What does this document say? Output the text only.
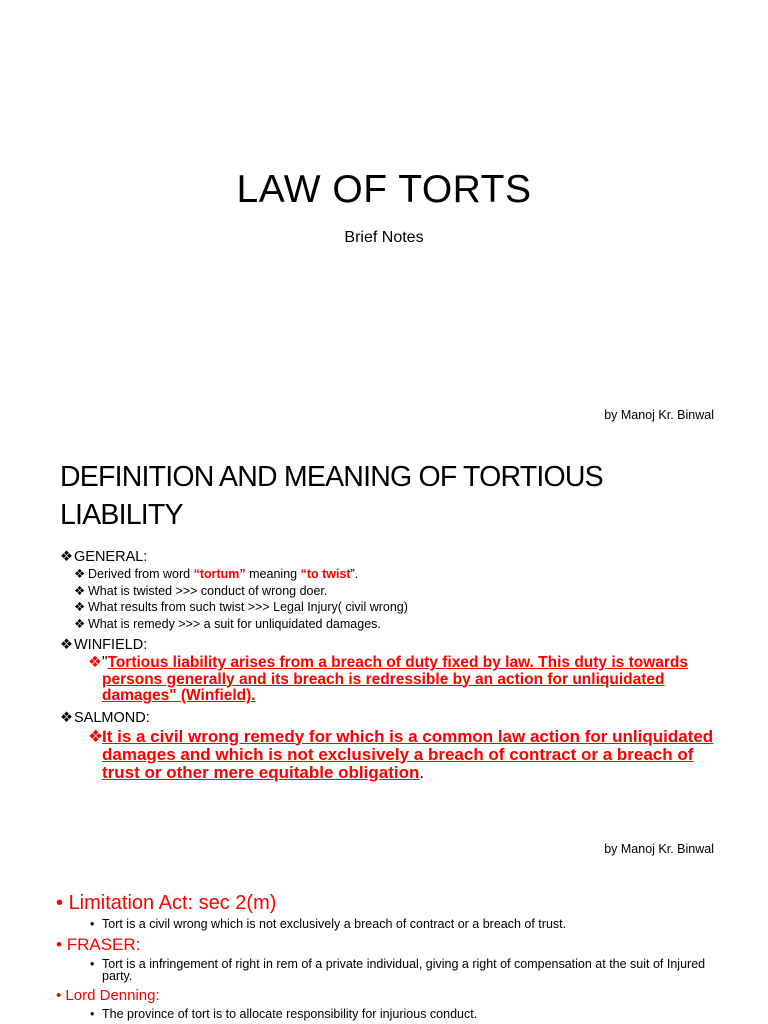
LAW OF TORTS
Brief Notes
by Manoj Kr. Binwal
DEFINITION AND MEANING OF TORTIOUS LIABILITY
❖GENERAL:
❖ Derived from word “tortum” meaning “to twist”.
❖ What is twisted >>> conduct of wrong doer.
❖ What results from such twist >>> Legal Injury( civil wrong)
❖ What is remedy >>> a suit for unliquidated damages.
❖WINFIELD:
❖"Tortious liability arises from a breach of duty fixed by law. This duty is towards persons generally and its breach is redressible by an action for unliquidated damages" (Winfield).
❖SALMOND:
❖It is a civil wrong remedy for which is a common law action for unliquidated damages and which is not exclusively a breach of contract or a breach of trust or other mere equitable obligation.
by Manoj Kr. Binwal
• Limitation Act: sec 2(m)
• Tort is a civil wrong which is not exclusively a breach of contract or a breach of trust.
• FRASER:
• Tort is a infringement of right in rem of a private individual, giving a right of compensation at the suit of Injured party.
• Lord Denning:
• The province of tort is to allocate responsibility for injurious conduct.
